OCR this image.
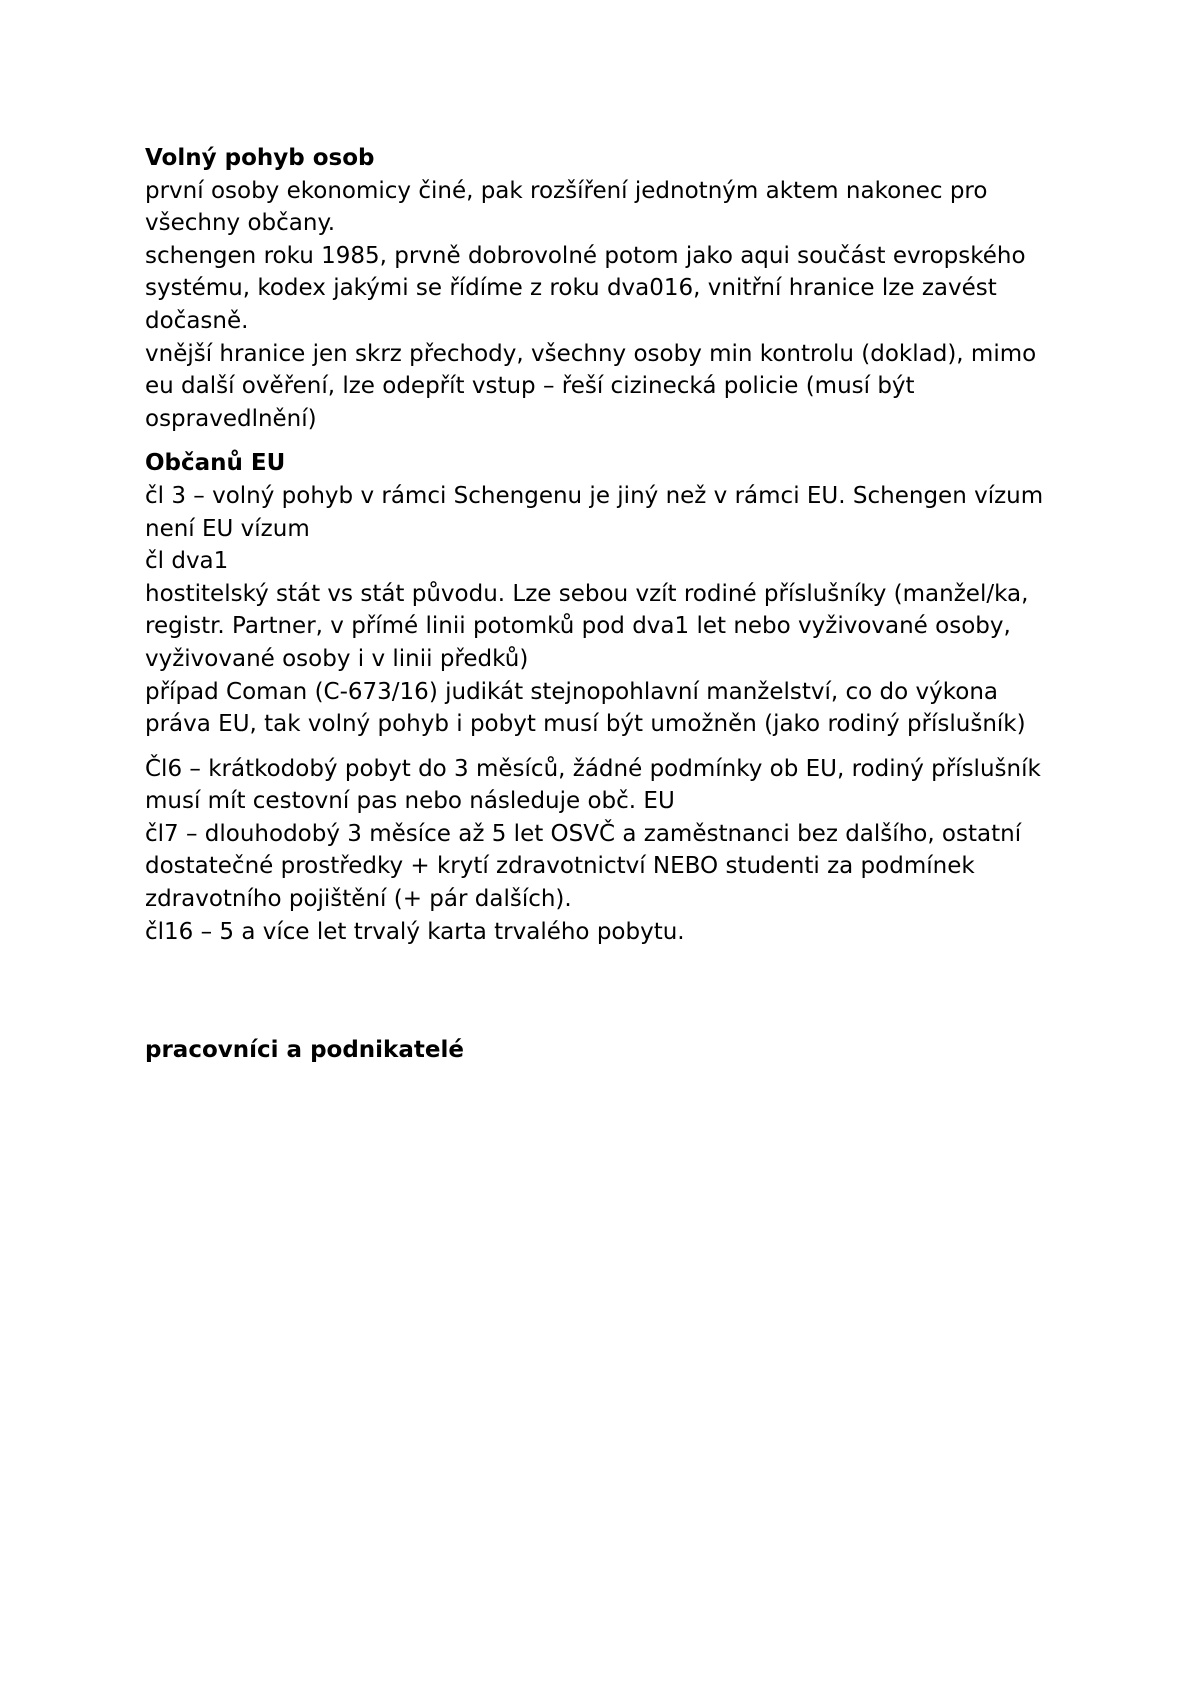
Volný pohyb osob
první osoby ekonomicy činé, pak rozšíření jednotným aktem nakonec pro všechny občany.
schengen roku 1985, prvně dobrovolné potom jako aqui součást evropského systému, kodex jakými se řídíme z roku dva016, vnitřní hranice lze zavést dočasně.
vnější hranice jen skrz přechody, všechny osoby min kontrolu (doklad), mimo eu další ověření, lze odepřít vstup – řeší cizinecká policie (musí být ospravedlnění)
Občanů EU
čl 3 – volný pohyb v rámci Schengenu je jiný než v rámci EU. Schengen vízum není EU vízum
čl dva1
hostitelský stát vs stát původu. Lze sebou vzít rodiné příslušníky (manžel/ka, registr. Partner, v přímé linii potomků pod dva1 let nebo vyživované osoby, vyživované osoby i v linii předků)
případ Coman (C-673/16) judikát stejnopohlavní manželství, co do výkona práva EU, tak volný pohyb i pobyt musí být umožněn (jako rodiný příslušník)
Čl6 – krátkodobý pobyt do 3 měsíců, žádné podmínky ob EU, rodiný příslušník musí mít cestovní pas nebo následuje obč. EU
čl7 – dlouhodobý 3 měsíce až 5 let OSVČ a zaměstnanci bez dalšího, ostatní dostatečné prostředky + krytí zdravotnictví NEBO studenti za podmínek zdravotního pojištění (+ pár dalších).
čl16 – 5 a více let trvalý karta trvalého pobytu.
pracovníci a podnikatelé
